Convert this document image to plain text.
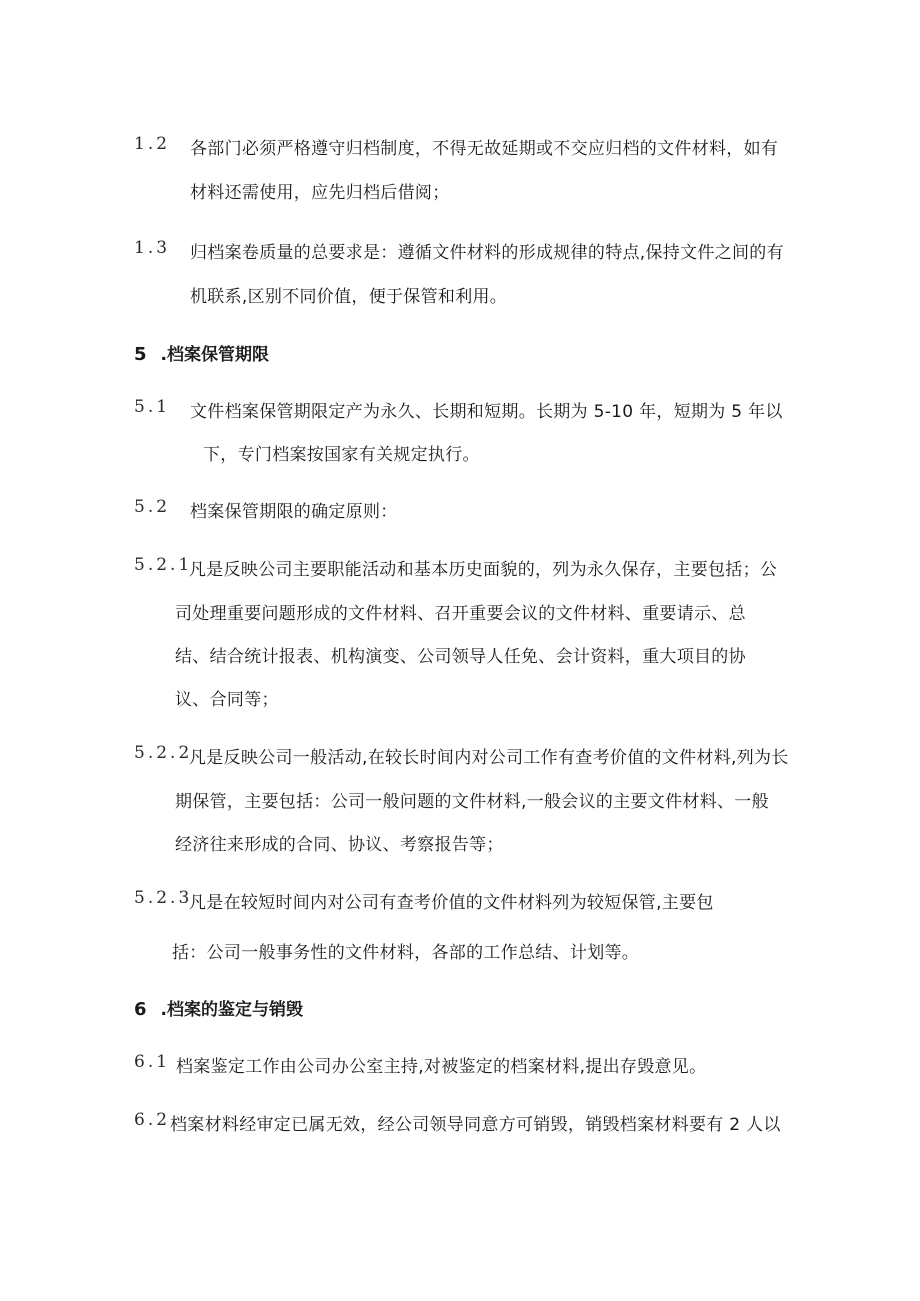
1.2 各部门必须严格遵守归档制度，不得无故延期或不交应归档的文件材料，如有
材料还需使用，应先归档后借阅；
1.3 归档案卷质量的总要求是：遵循文件材料的形成规律的特点,保持文件之间的有
机联系,区别不同价值，便于保管和利用。
5 .档案保管期限
5.1 文件档案保管期限定产为永久、长期和短期。长期为 5-10 年，短期为 5 年以
下，专门档案按国家有关规定执行。
5.2 档案保管期限的确定原则：
5.2.1
凡是反映公司主要职能活动和基本历史面貌的，列为永久保存，主要包括；公
司处理重要问题形成的文件材料、召开重要会议的文件材料、重要请示、总
结、结合统计报表、机构演变、公司领导人任免、会计资料，重大项目的协
议、合同等；
5.2.2
凡是反映公司一般活动,在较长时间内对公司工作有查考价值的文件材料,列为长
期保管，主要包括：公司一般问题的文件材料,一般会议的主要文件材料、一般
经济往来形成的合同、协议、考察报告等；
5.2.3
凡是在较短时间内对公司有查考价值的文件材料列为较短保管,主要包
括：公司一般事务性的文件材料，各部的工作总结、计划等。
6 .档案的鉴定与销毁
6.1 档案鉴定工作由公司办公室主持,对被鉴定的档案材料,提出存毁意见。
6.2 档案材料经审定已属无效，经公司领导同意方可销毁，销毁档案材料要有 2 人以
